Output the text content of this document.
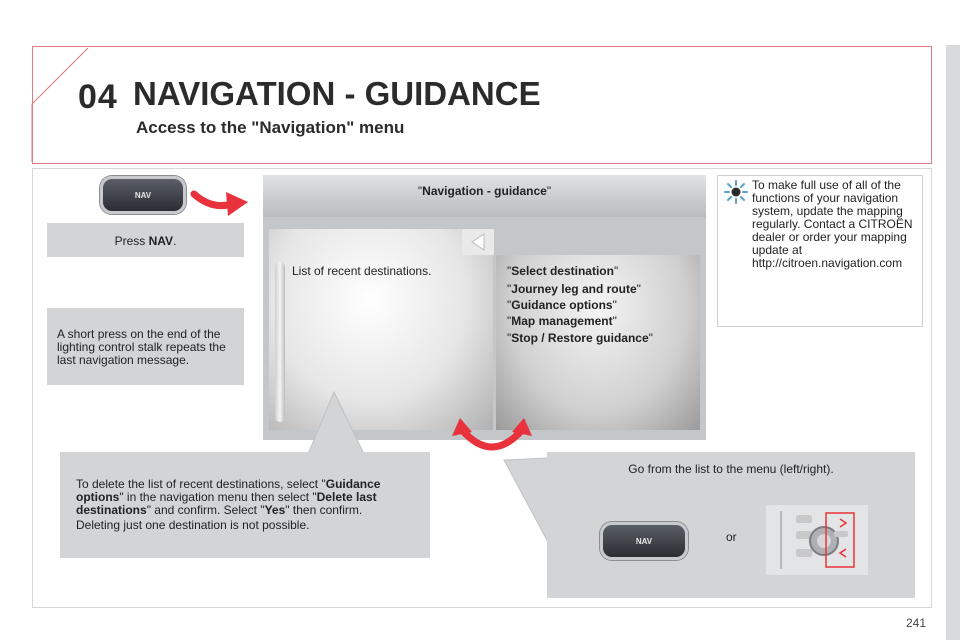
04 NAVIGATION - GUIDANCE
Access to the "Navigation" menu
NAV
Press NAV.
A short press on the end of the lighting control stalk repeats the last navigation message.
"Navigation - guidance"
List of recent destinations.	"Select destination"
"Journey leg and route"
"Guidance options"
"Map management"
"Stop / Restore guidance"
To make full use of all of the functions of your navigation system, update the mapping regularly. Contact a CITROËN dealer or order your mapping update at http://citroen.navigation.com
To delete the list of recent destinations, select "Guidance options" in the navigation menu then select "Delete last destinations" and confirm. Select "Yes" then confirm.
Deleting just one destination is not possible.
Go from the list to the menu (left/right).
NAV	or
241
